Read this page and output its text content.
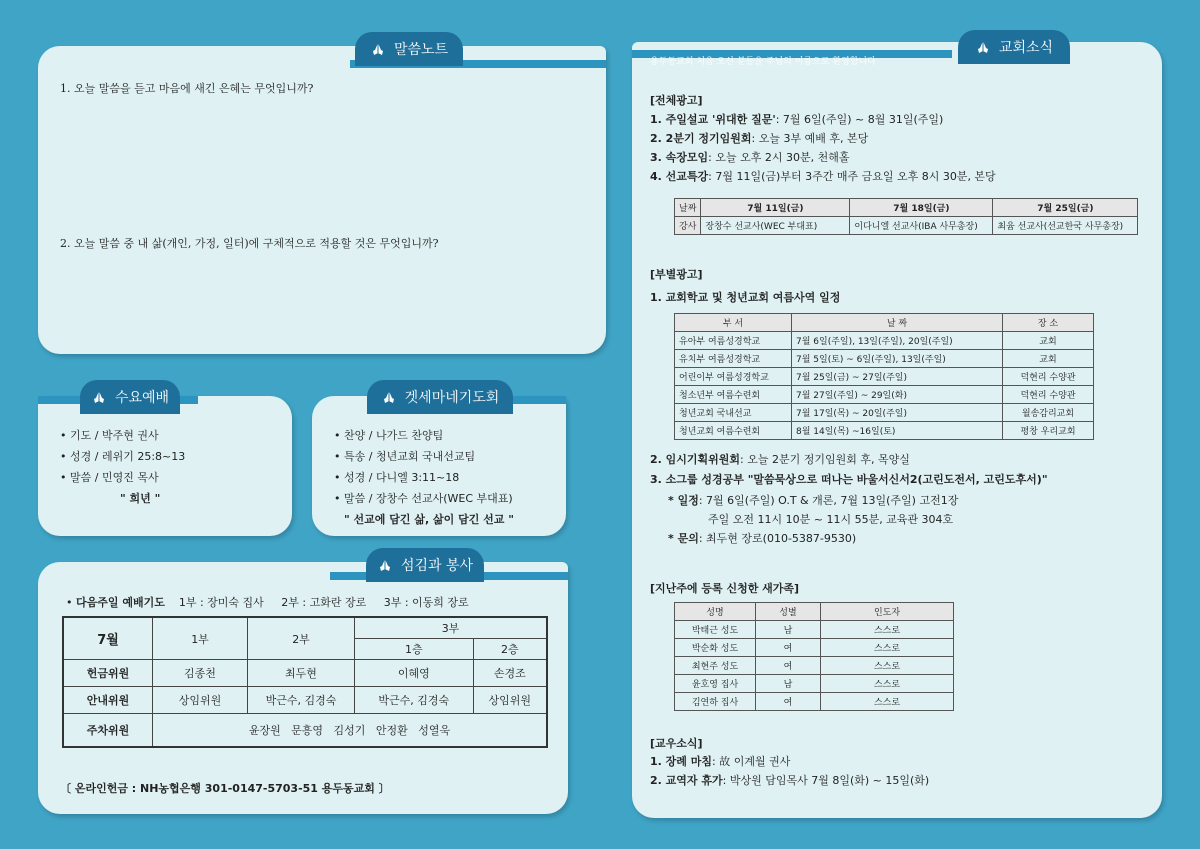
말씀노트
1. 오늘 말씀을 듣고 마음에 새긴 은혜는 무엇입니까?
2. 오늘 말씀 중 내 삶(개인, 가정, 일터)에 구체적으로 적용할 것은 무엇입니까?
수요예배
• 기도 / 박주현 권사
• 성경 / 레위기 25:8~13
• 말씀 / 민영진 목사
" 희년 "
겟세마네기도회
• 찬양 / 나가드 찬양팀
• 특송 / 청년교회 국내선교팀
• 성경 / 다니엘 3:11~18
• 말씀 / 장창수 선교사(WEC 부대표)
" 선교에 담긴 삶, 삶이 담긴 선교 "
섬김과 봉사
• 다음주일 예배기도 1부 : 장미숙 집사 2부 : 고화란 장로 3부 : 이동희 장로
7월	1부	2부	3부	
			1층	2층
헌금위원	김종천	최두현	이혜영	손경조
안내위원	상임위원	박근수, 김경숙	박근수, 김경숙	상임위원
주차위원	윤장원   문흥영   김성기   안정환   성열욱			
〔 온라인헌금 : NH농협은행 301-0147-5703-51 용두동교회 〕
교회소식
용두동교회 처음 오신 분들을 주님의 이름으로 환영합니다
[전체광고]
1. 주일설교 '위대한 질문': 7월 6일(주일) ~ 8월 31일(주일)
2. 2분기 정기임원회: 오늘 3부 예배 후, 본당
3. 속장모임: 오늘 오후 2시 30분, 천해홀
4. 선교특강: 7월 11일(금)부터 3주간 매주 금요일 오후 8시 30분, 본당
날짜	7월 11일(금)	7월 18일(금)	7월 25일(금)
강사	장창수 선교사(WEC 부대표)	이다니엘 선교사(IBA 사무총장)	최윰 선교사(선교한국 사무총장)
[부별광고]
1. 교회학교 및 청년교회 여름사역 일정
부 서	날 짜	장 소
유아부 여름성경학교	7월 6일(주일), 13일(주일), 20일(주일)	교회
유치부 여름성경학교	7월 5일(토) ~ 6일(주일), 13일(주일)	교회
어린이부 여름성경학교	7월 25일(금) ~ 27일(주일)	덕현리 수양관
청소년부 여름수련회	7월 27일(주일) ~ 29일(화)	덕현리 수양관
청년교회 국내선교	7월 17일(목) ~ 20일(주일)	월송감리교회
청년교회 여름수련회	8월 14일(목) ~16일(토)	평창 우리교회
2. 임시기획위원회: 오늘 2분기 정기임원회 후, 목양실
3. 소그룹 성경공부 "말씀묵상으로 떠나는 바울서신서2(고린도전서, 고린도후서)"
* 일정: 7월 6일(주일) O.T & 개론, 7월 13일(주일) 고전1장
주일 오전 11시 10분 ~ 11시 55분, 교육관 304호
* 문의: 최두현 장로(010-5387-9530)
[지난주에 등록 신청한 새가족]
성명	성별	인도자
박태근 성도	남	스스로
박순화 성도	여	스스로
최현주 성도	여	스스로
윤호영 집사	남	스스로
김연하 집사	여	스스로
[교우소식]
1. 장례 마침: 故 이계월 권사
2. 교역자 휴가: 박상원 담임목사 7월 8일(화) ~ 15일(화)
